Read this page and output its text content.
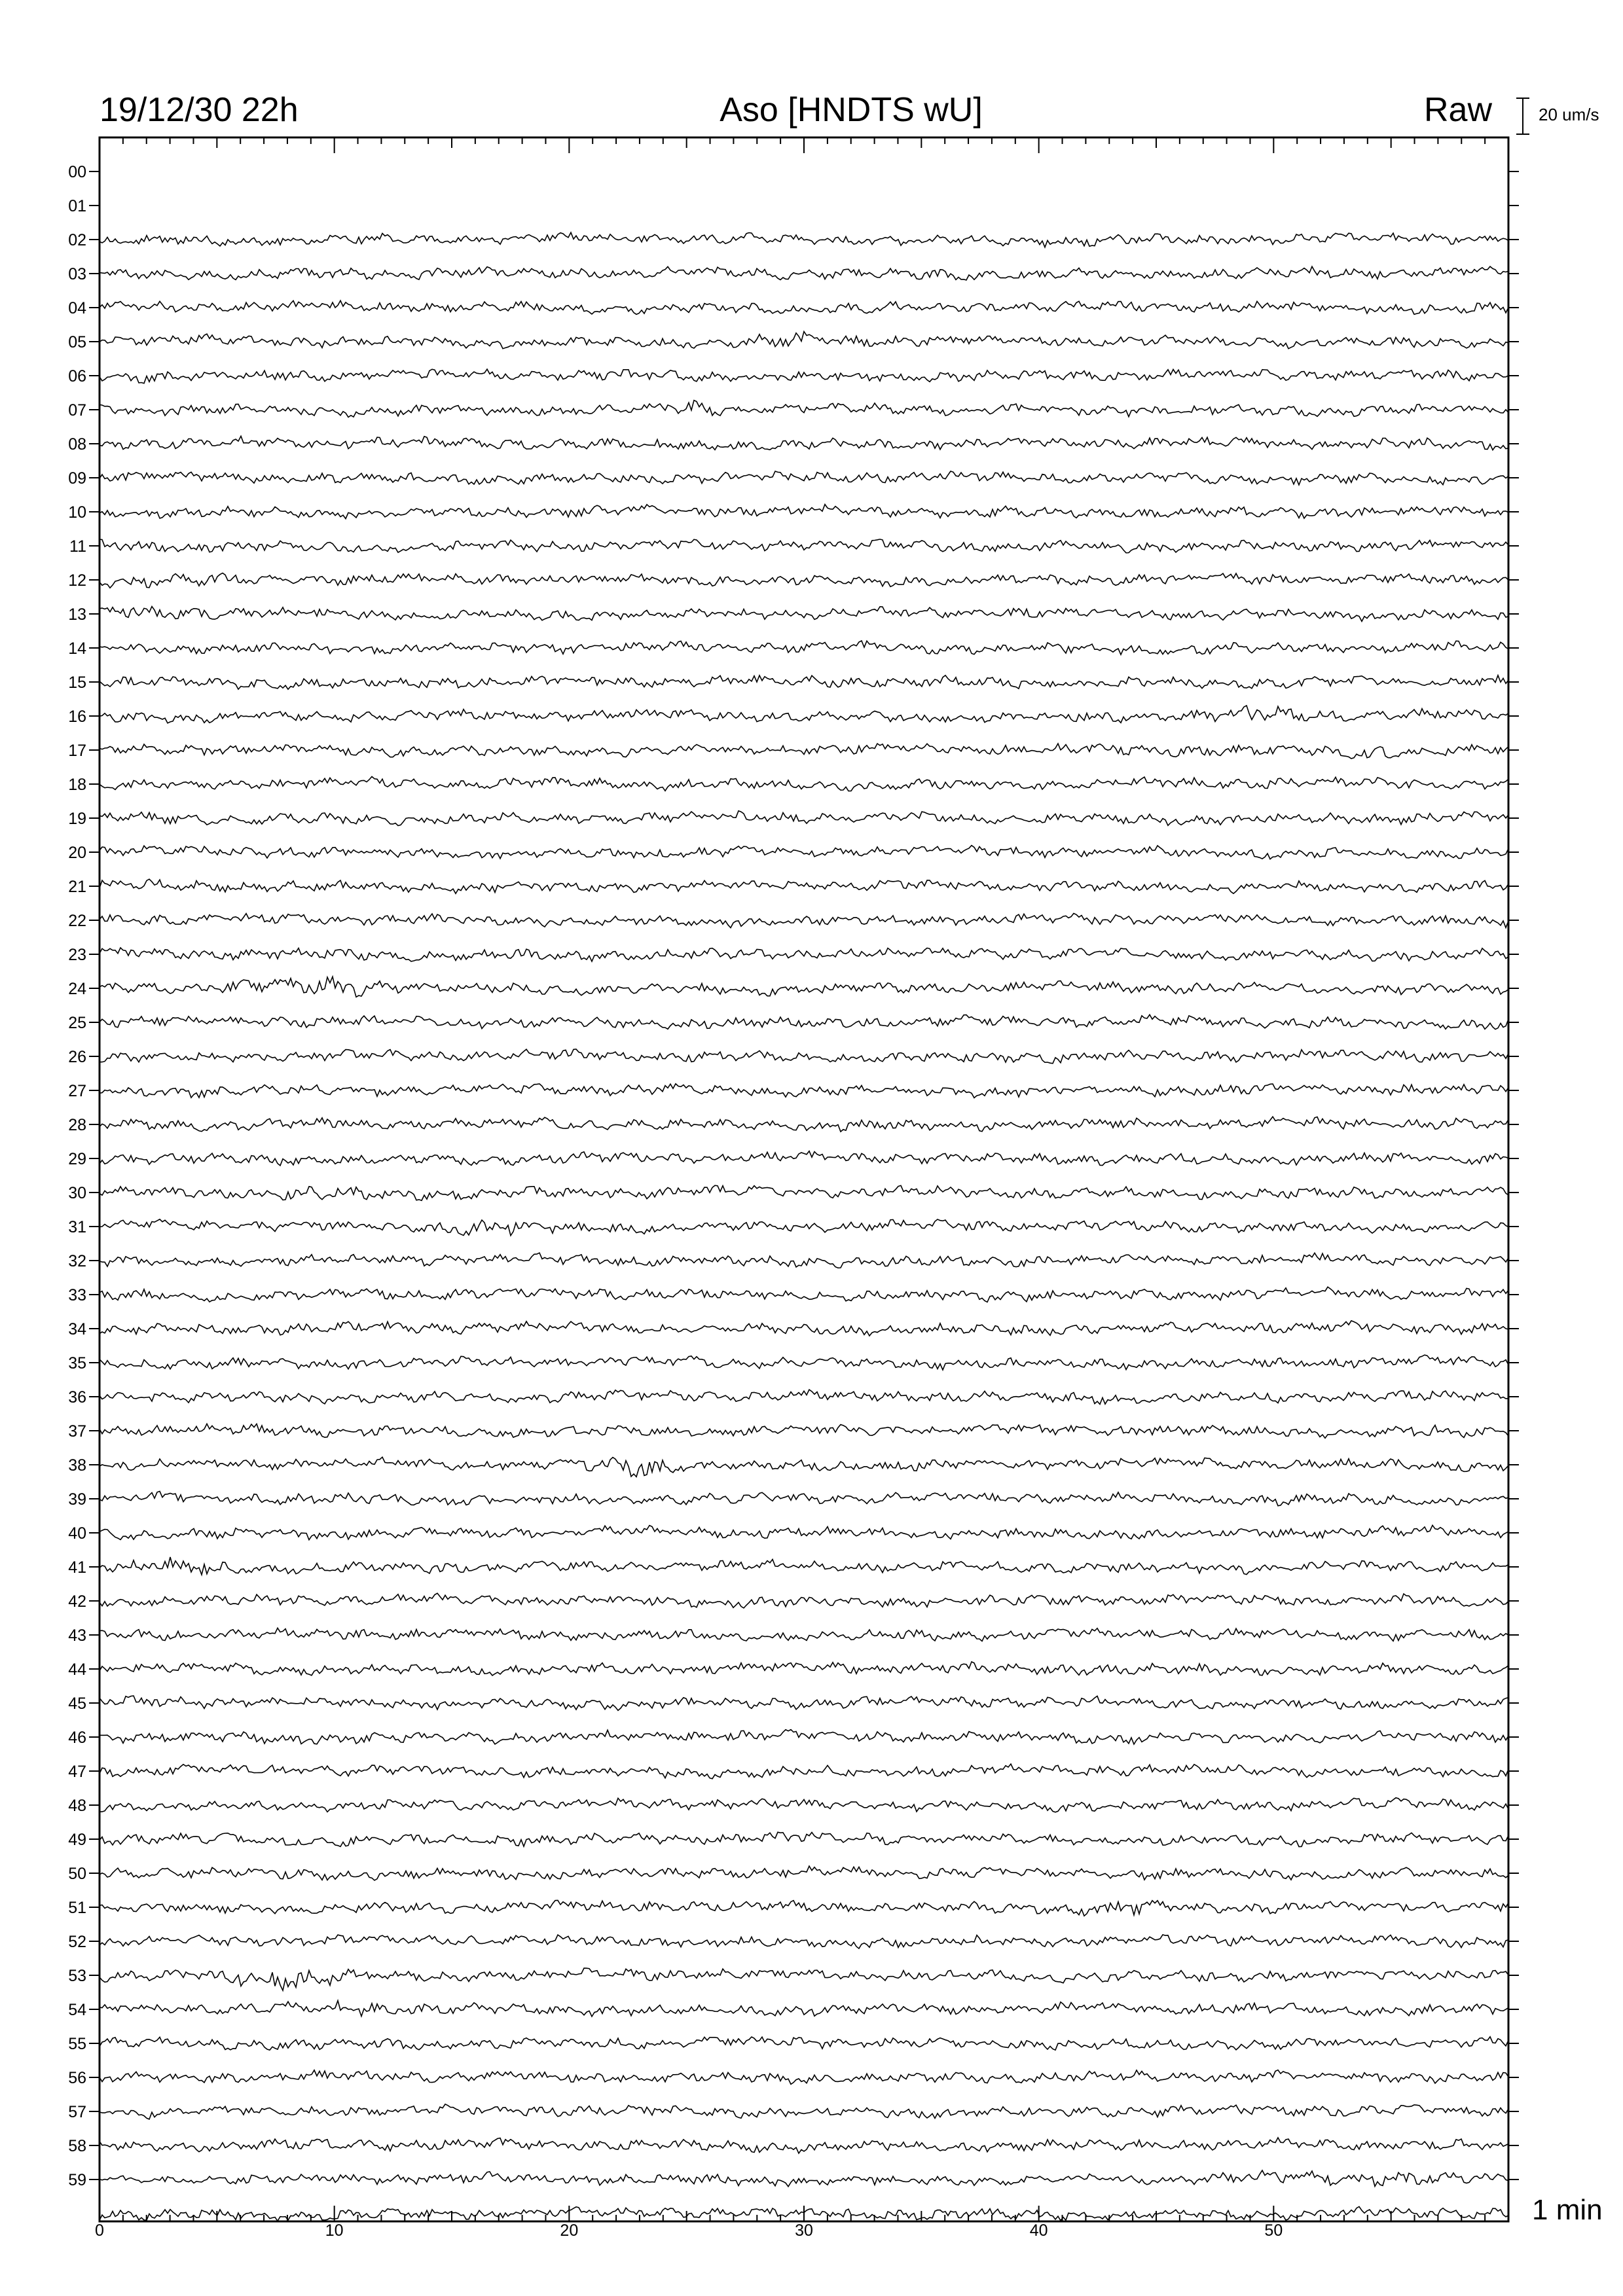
19/12/30 22h	Aso [HNDTS wU]	Raw	20 um/s
1 min
00
01
02
03
04
05
06
07
08
09
10
11
12
13
14
15
16
17
18
19
20
21
22
23
24
25
26
27
28
29
30
31
32
33
34
35
36
37
38
39
40
41
42
43
44
45
46
47
48
49
50
51
52
53
54
55
56
57
58
59
0	10	20	30	40	50
